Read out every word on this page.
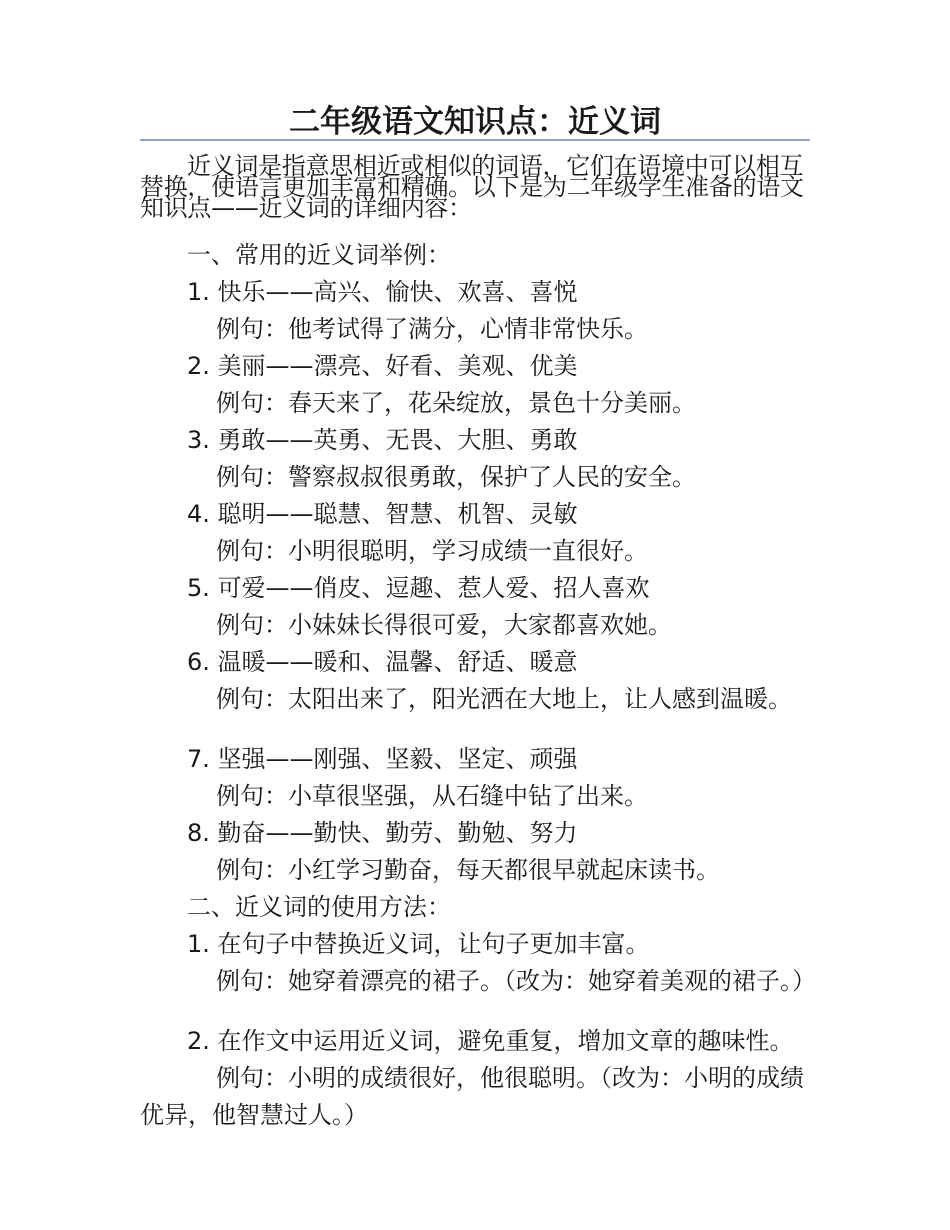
二年级语文知识点：近义词

近义词是指意思相近或相似的词语，它们在语境中可以相互替换，使语言更加丰富和精确。以下是为二年级学生准备的语文知识点——近义词的详细内容：

一、常用的近义词举例：

1. 快乐——高兴、愉快、欢喜、喜悦

例句：他考试得了满分，心情非常快乐。

2. 美丽——漂亮、好看、美观、优美

例句：春天来了，花朵绽放，景色十分美丽。

3. 勇敢——英勇、无畏、大胆、勇敢

例句：警察叔叔很勇敢，保护了人民的安全。

4. 聪明——聪慧、智慧、机智、灵敏

例句：小明很聪明，学习成绩一直很好。

5. 可爱——俏皮、逗趣、惹人爱、招人喜欢

例句：小妹妹长得很可爱，大家都喜欢她。

6. 温暖——暖和、温馨、舒适、暖意

例句：太阳出来了，阳光洒在大地上，让人感到温暖。

7. 坚强——刚强、坚毅、坚定、顽强

例句：小草很坚强，从石缝中钻了出来。

8. 勤奋——勤快、勤劳、勤勉、努力

例句：小红学习勤奋，每天都很早就起床读书。

二、近义词的使用方法：

1. 在句子中替换近义词，让句子更加丰富。

例句：她穿着漂亮的裙子。（改为：她穿着美观的裙子。）

2. 在作文中运用近义词，避免重复，增加文章的趣味性。

例句：小明的成绩很好，他很聪明。（改为：小明的成绩优异，他智慧过人。）
